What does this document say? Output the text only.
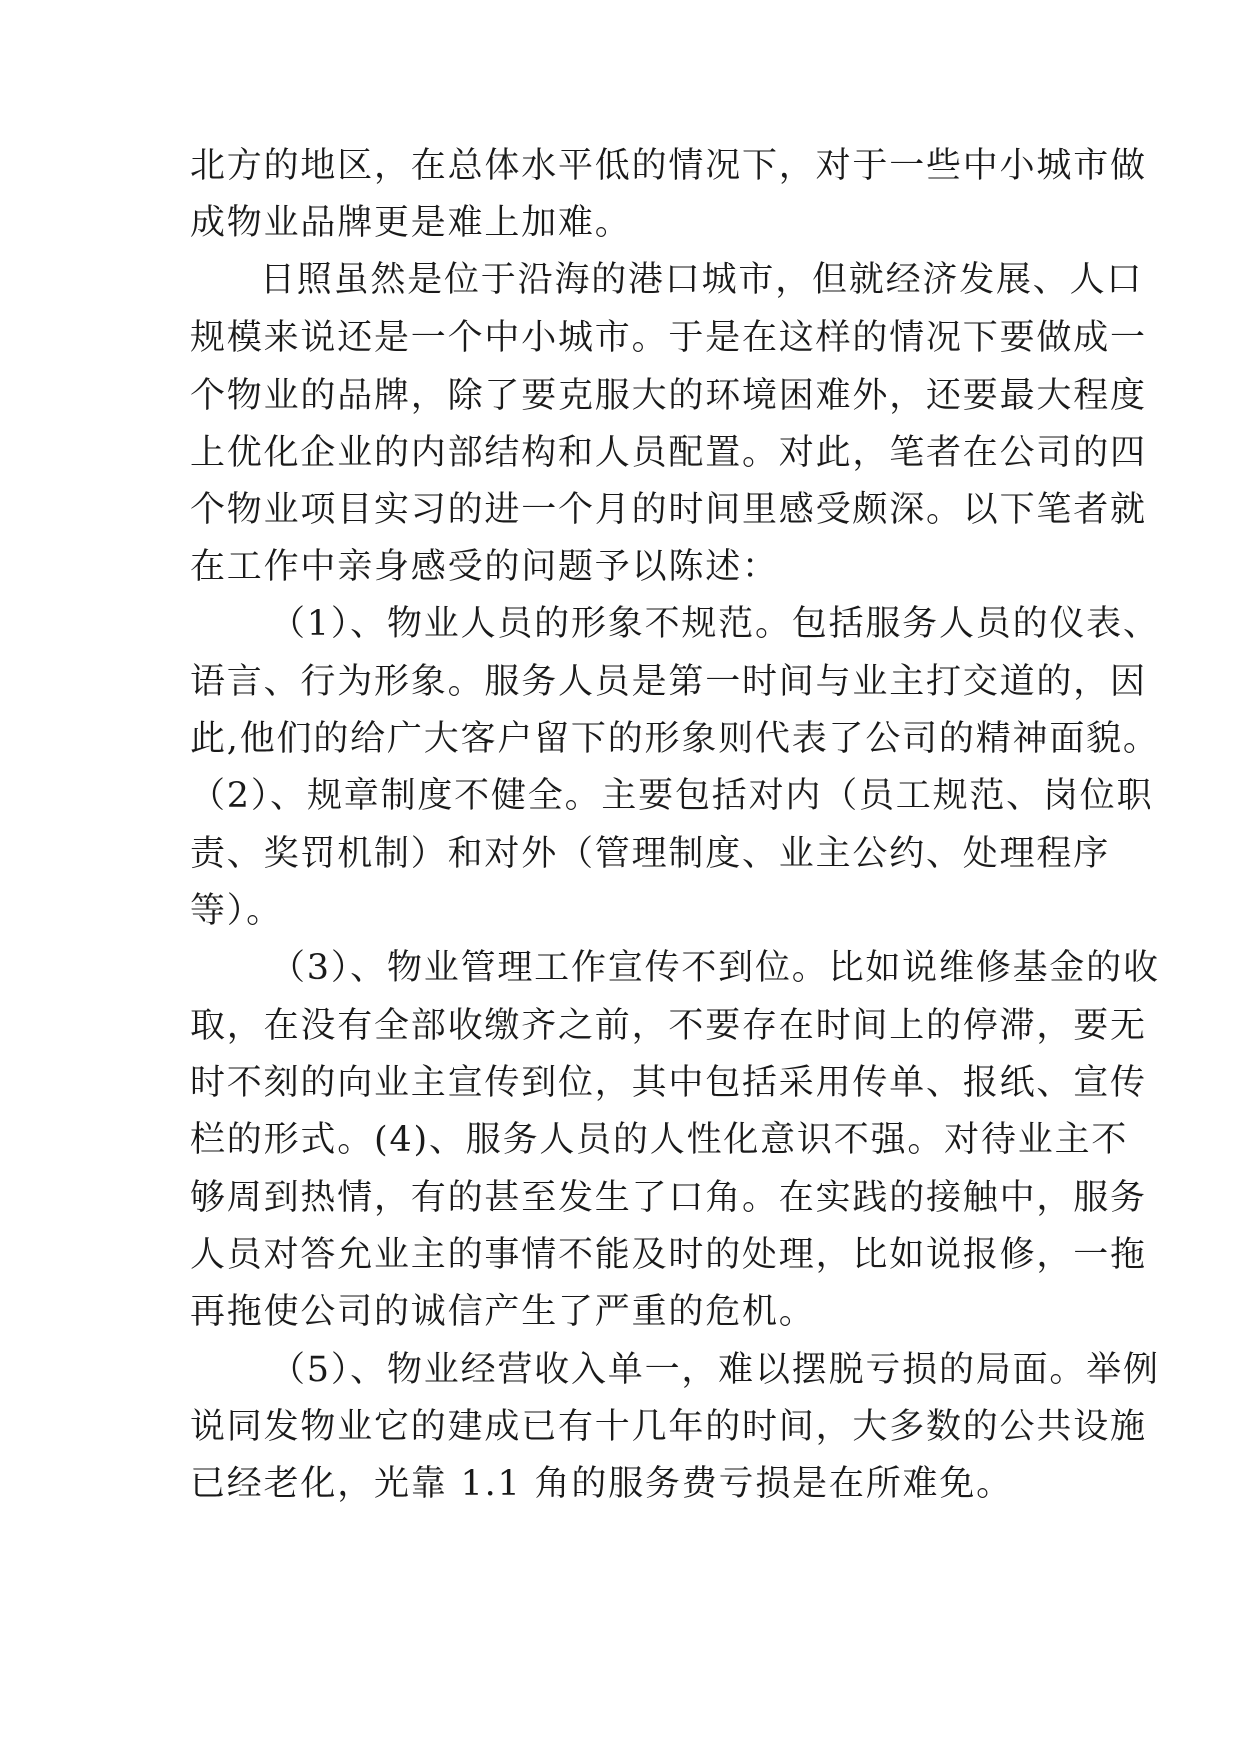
北方的地区，在总体水平低的情况下，对于一些中小城市做
成物业品牌更是难上加难。
日照虽然是位于沿海的港口城市，但就经济发展、人口
规模来说还是一个中小城市。于是在这样的情况下要做成一
个物业的品牌，除了要克服大的环境困难外，还要最大程度
上优化企业的内部结构和人员配置。对此，笔者在公司的四
个物业项目实习的进一个月的时间里感受颇深。以下笔者就
在工作中亲身感受的问题予以陈述：
（1）、物业人员的形象不规范。包括服务人员的仪表、
语言、行为形象。服务人员是第一时间与业主打交道的，因
此,他们的给广大客户留下的形象则代表了公司的精神面貌。
（2）、规章制度不健全。主要包括对内（员工规范、岗位职
责、奖罚机制）和对外（管理制度、业主公约、处理程序
等）。
（3）、物业管理工作宣传不到位。比如说维修基金的收
取，在没有全部收缴齐之前，不要存在时间上的停滞，要无
时不刻的向业主宣传到位，其中包括采用传单、报纸、宣传
栏的形式。(4)、服务人员的人性化意识不强。对待业主不
够周到热情，有的甚至发生了口角。在实践的接触中，服务
人员对答允业主的事情不能及时的处理，比如说报修，一拖
再拖使公司的诚信产生了严重的危机。
（5）、物业经营收入单一，难以摆脱亏损的局面。举例
说同发物业它的建成已有十几年的时间，大多数的公共设施
已经老化，光靠 1.1 角的服务费亏损是在所难免。
